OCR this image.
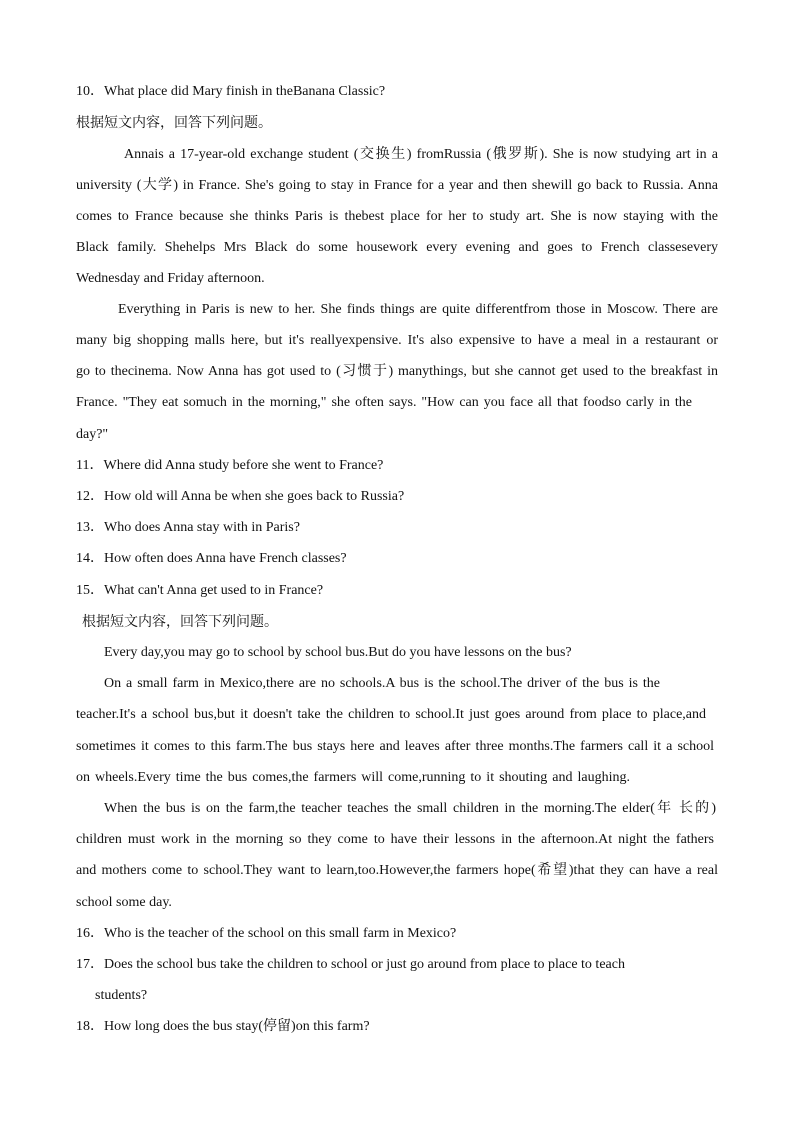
10．What place did Mary finish in theBanana Classic?
根据短文内容，回答下列问题。
Annais a 17-year-old exchange student (交换生) fromRussia (俄罗斯). She is now studying art in a
university (大学) in France. She's going to stay in France for a year and then shewill go back to Russia. Anna
comes to France because she thinks Paris is thebest place for her to study art. She is now staying with the
Black family. Shehelps Mrs Black do some housework every evening and goes to French classesevery
Wednesday and Friday afternoon.
Everything in Paris is new to her. She finds things are quite differentfrom those in Moscow. There are
many big shopping malls here, but it's reallyexpensive. It's also expensive to have a meal in a restaurant or
go to thecinema. Now Anna has got used to (习惯于) manythings, but she cannot get used to the breakfast in
France. "They eat somuch in the morning," she often says. "How can you face all that foodso carly in the
day?"
11．Where did Anna study before she went to France?
12．How old will Anna be when she goes back to Russia?
13．Who does Anna stay with in Paris?
14．How often does Anna have French classes?
15．What can't Anna get used to in France?
根据短文内容，回答下列问题。
Every day,you may go to school by school bus.But do you have lessons on the bus?
On a small farm in Mexico,there are no schools.A bus is the school.The driver of the bus is the
teacher.It's a school bus,but it doesn't take the children to school.It just goes around from place to place,and
sometimes it comes to this farm.The bus stays here and leaves after three months.The farmers call it a school
on wheels.Every time the bus comes,the farmers will come,running to it shouting and laughing.
When the bus is on the farm,the teacher teaches the small children in the morning.The elder(年 长的)
children must work in the morning so they come to have their lessons in the afternoon.At night the fathers
and mothers come to school.They want to learn,too.However,the farmers hope(希望)that they can have a real
school some day.
16．Who is the teacher of the school on this small farm in Mexico?
17．Does the school bus take the children to school or just go around from place to place to teach
students?
18．How long does the bus stay(停留)on this farm?
